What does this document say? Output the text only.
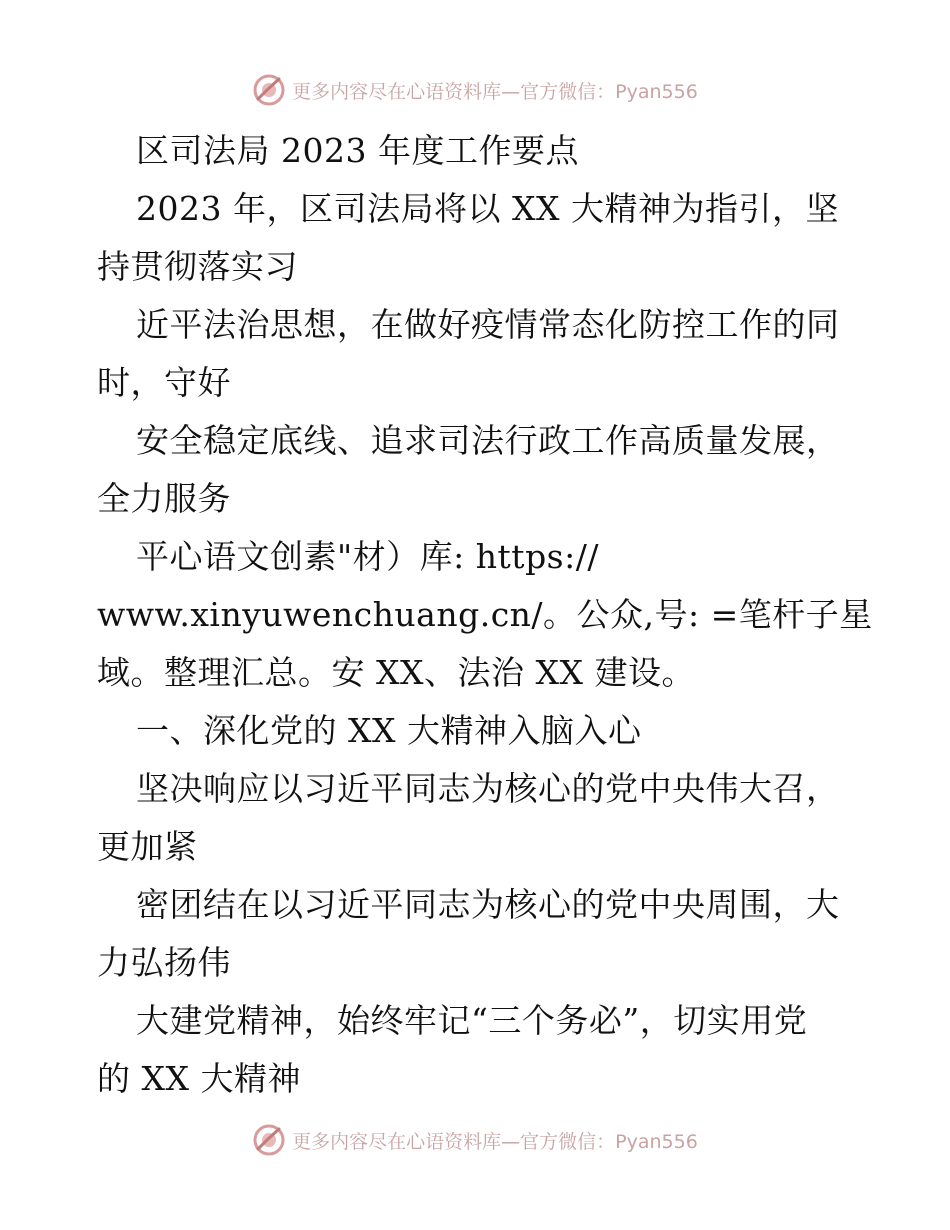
更多内容尽在心语资料库—官方微信：Pyan556
区司法局 2023 年度工作要点
2023 年，区司法局将以 XX 大精神为指引，坚
持贯彻落实习
近平法治思想，在做好疫情常态化防控工作的同
时，守好
安全稳定底线、追求司法行政工作高质量发展，
全力服务
平心语文创素"材）库: https://
www.xinyuwenchuang.cn/。公众,号: =笔杆子星
域。整理汇总。安 XX、法治 XX 建设。
一、深化党的 XX 大精神入脑入心
坚决响应以习近平同志为核心的党中央伟大召，
更加紧
密团结在以习近平同志为核心的党中央周围，大
力弘扬伟
大建党精神，始终牢记“三个务必”，切实用党
的 XX 大精神
更多内容尽在心语资料库—官方微信：Pyan556
